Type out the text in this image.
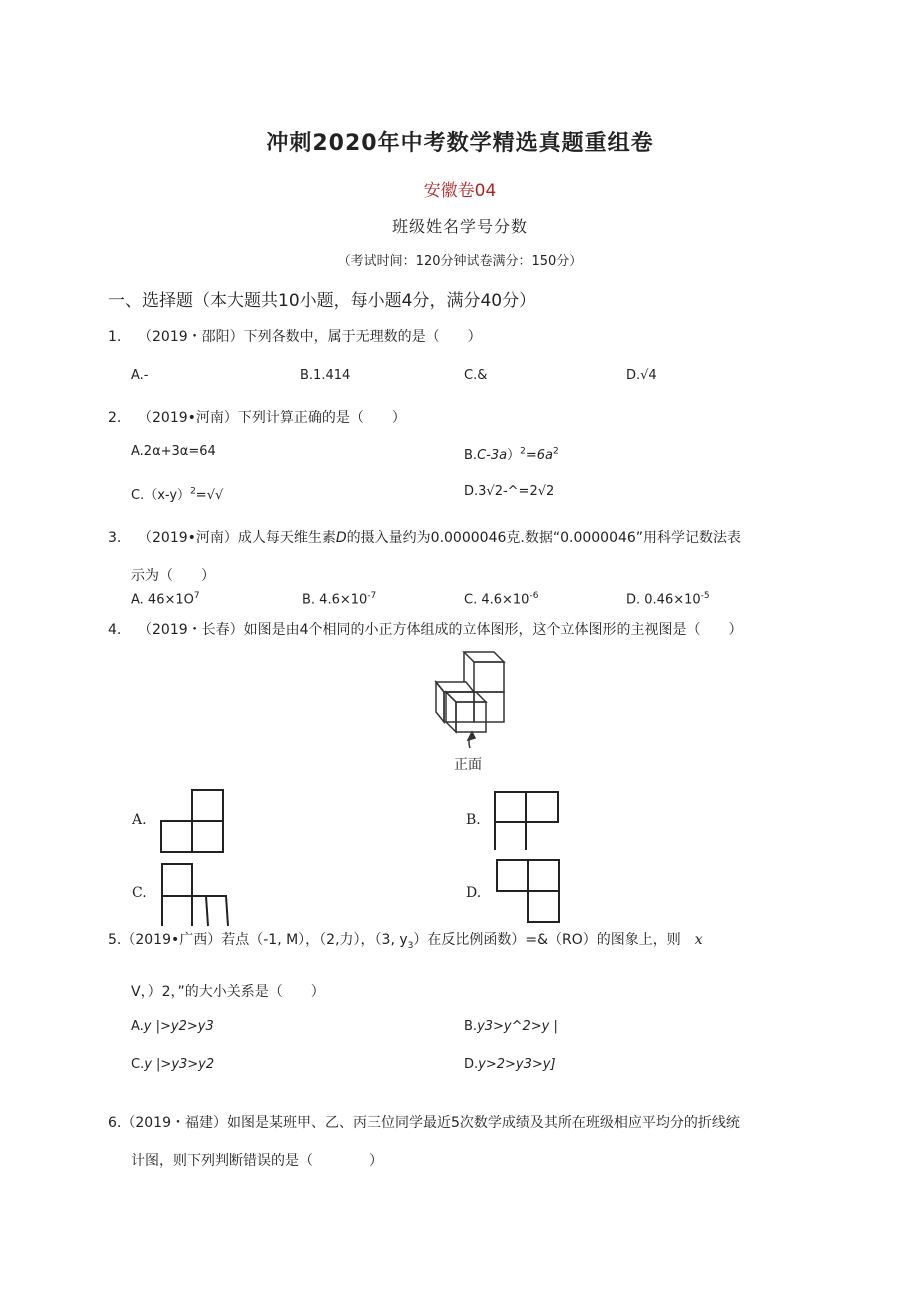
冲刺2020年中考数学精选真题重组卷
安徽卷04
班级姓名学号分数
（考试时间：120分钟试卷满分：150分）
一、选择题（本大题共10小题，每小题4分，满分40分）
1. （2019・邵阳）下列各数中，属于无理数的是（　　）
A.-	B.1.414	C.&	D.√4
2. （2019•河南）下列计算正确的是（　　）
A.2α+3α=64	$B.C-3a)^2=6a^2$
$C.(x-y)^2=√√$	D.3√2-^=2√2
3. （2019•河南）成人每天维生素D的摄入量约为0.0000046克.数据“0.0000046”用科学记数法表
示为（　　）
A. $46\times 1O^7$	B. $4.6\times 10^{-7}$	C. $4.6\times 10^{-6}$	D. $0.46\times 10^{-5}$
4. （2019・长春）如图是由4个相同的小正方体组成的立体图形，这个立体图形的主视图是（　　）
正面
A.	B.
C.	D.
5.（2019•广西）若点（-1, M），（2,力），（3, $y_3$）在反比例函数）=&（RO）的图象上，则 x
V，）2，”的大小关系是（　　）
A.y |>y2>y3	B.y3>y^2>y |
C.y |>y3>y2	D.y>2>y3>y]
6.（2019・福建）如图是某班甲、乙、丙三位同学最近5次数学成绩及其所在班级相应平均分的折线统
计图，则下列判断错误的是（　　　　）
